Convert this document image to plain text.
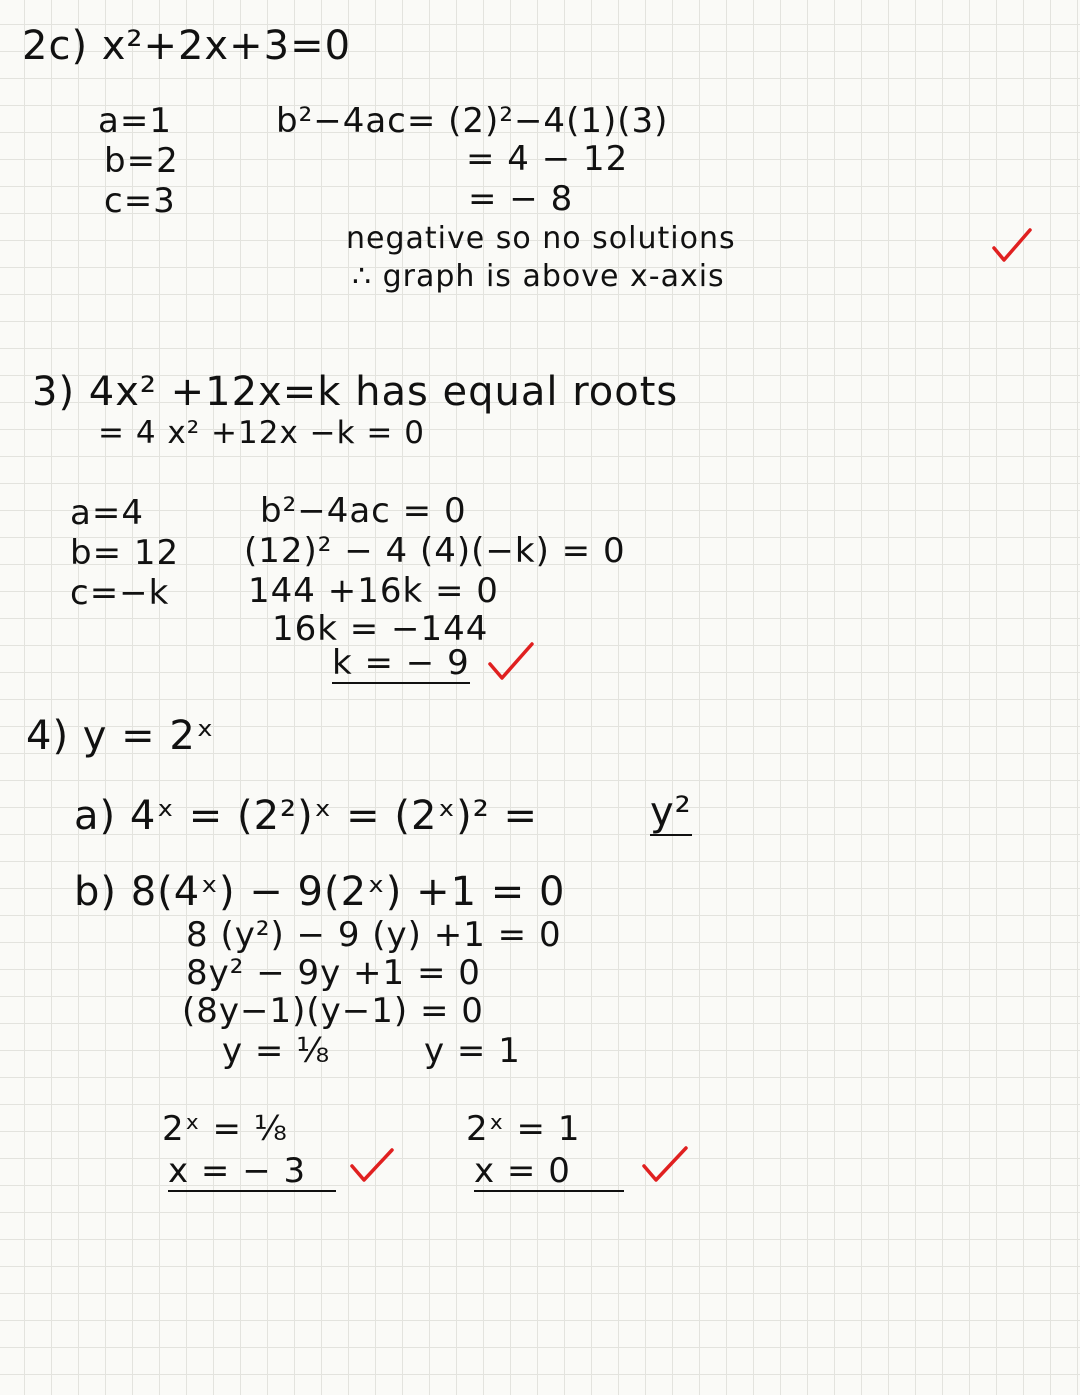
2c) x²+2x+3=0
a=1
b=2
c=3
b²−4ac= (2)²−4(1)(3)
= 4 − 12
= − 8
negative so no solutions
∴ graph is above x-axis
3) 4x² +12x=k has equal roots
= 4 x² +12x −k = 0
a=4
b= 12
c=−k
b²−4ac = 0
(12)² − 4 (4)(−k) = 0
144 +16k = 0
16k = −144
k = − 9
4) y = 2ˣ
a) 4ˣ = (2²)ˣ = (2ˣ)² =	y²
b) 8(4ˣ) − 9(2ˣ) +1 = 0
8 (y²) − 9 (y) +1 = 0
8y² − 9y +1 = 0
(8y−1)(y−1) = 0
y = ⅛	y = 1
2ˣ = ⅛
x = − 3
2ˣ = 1
x = 0
